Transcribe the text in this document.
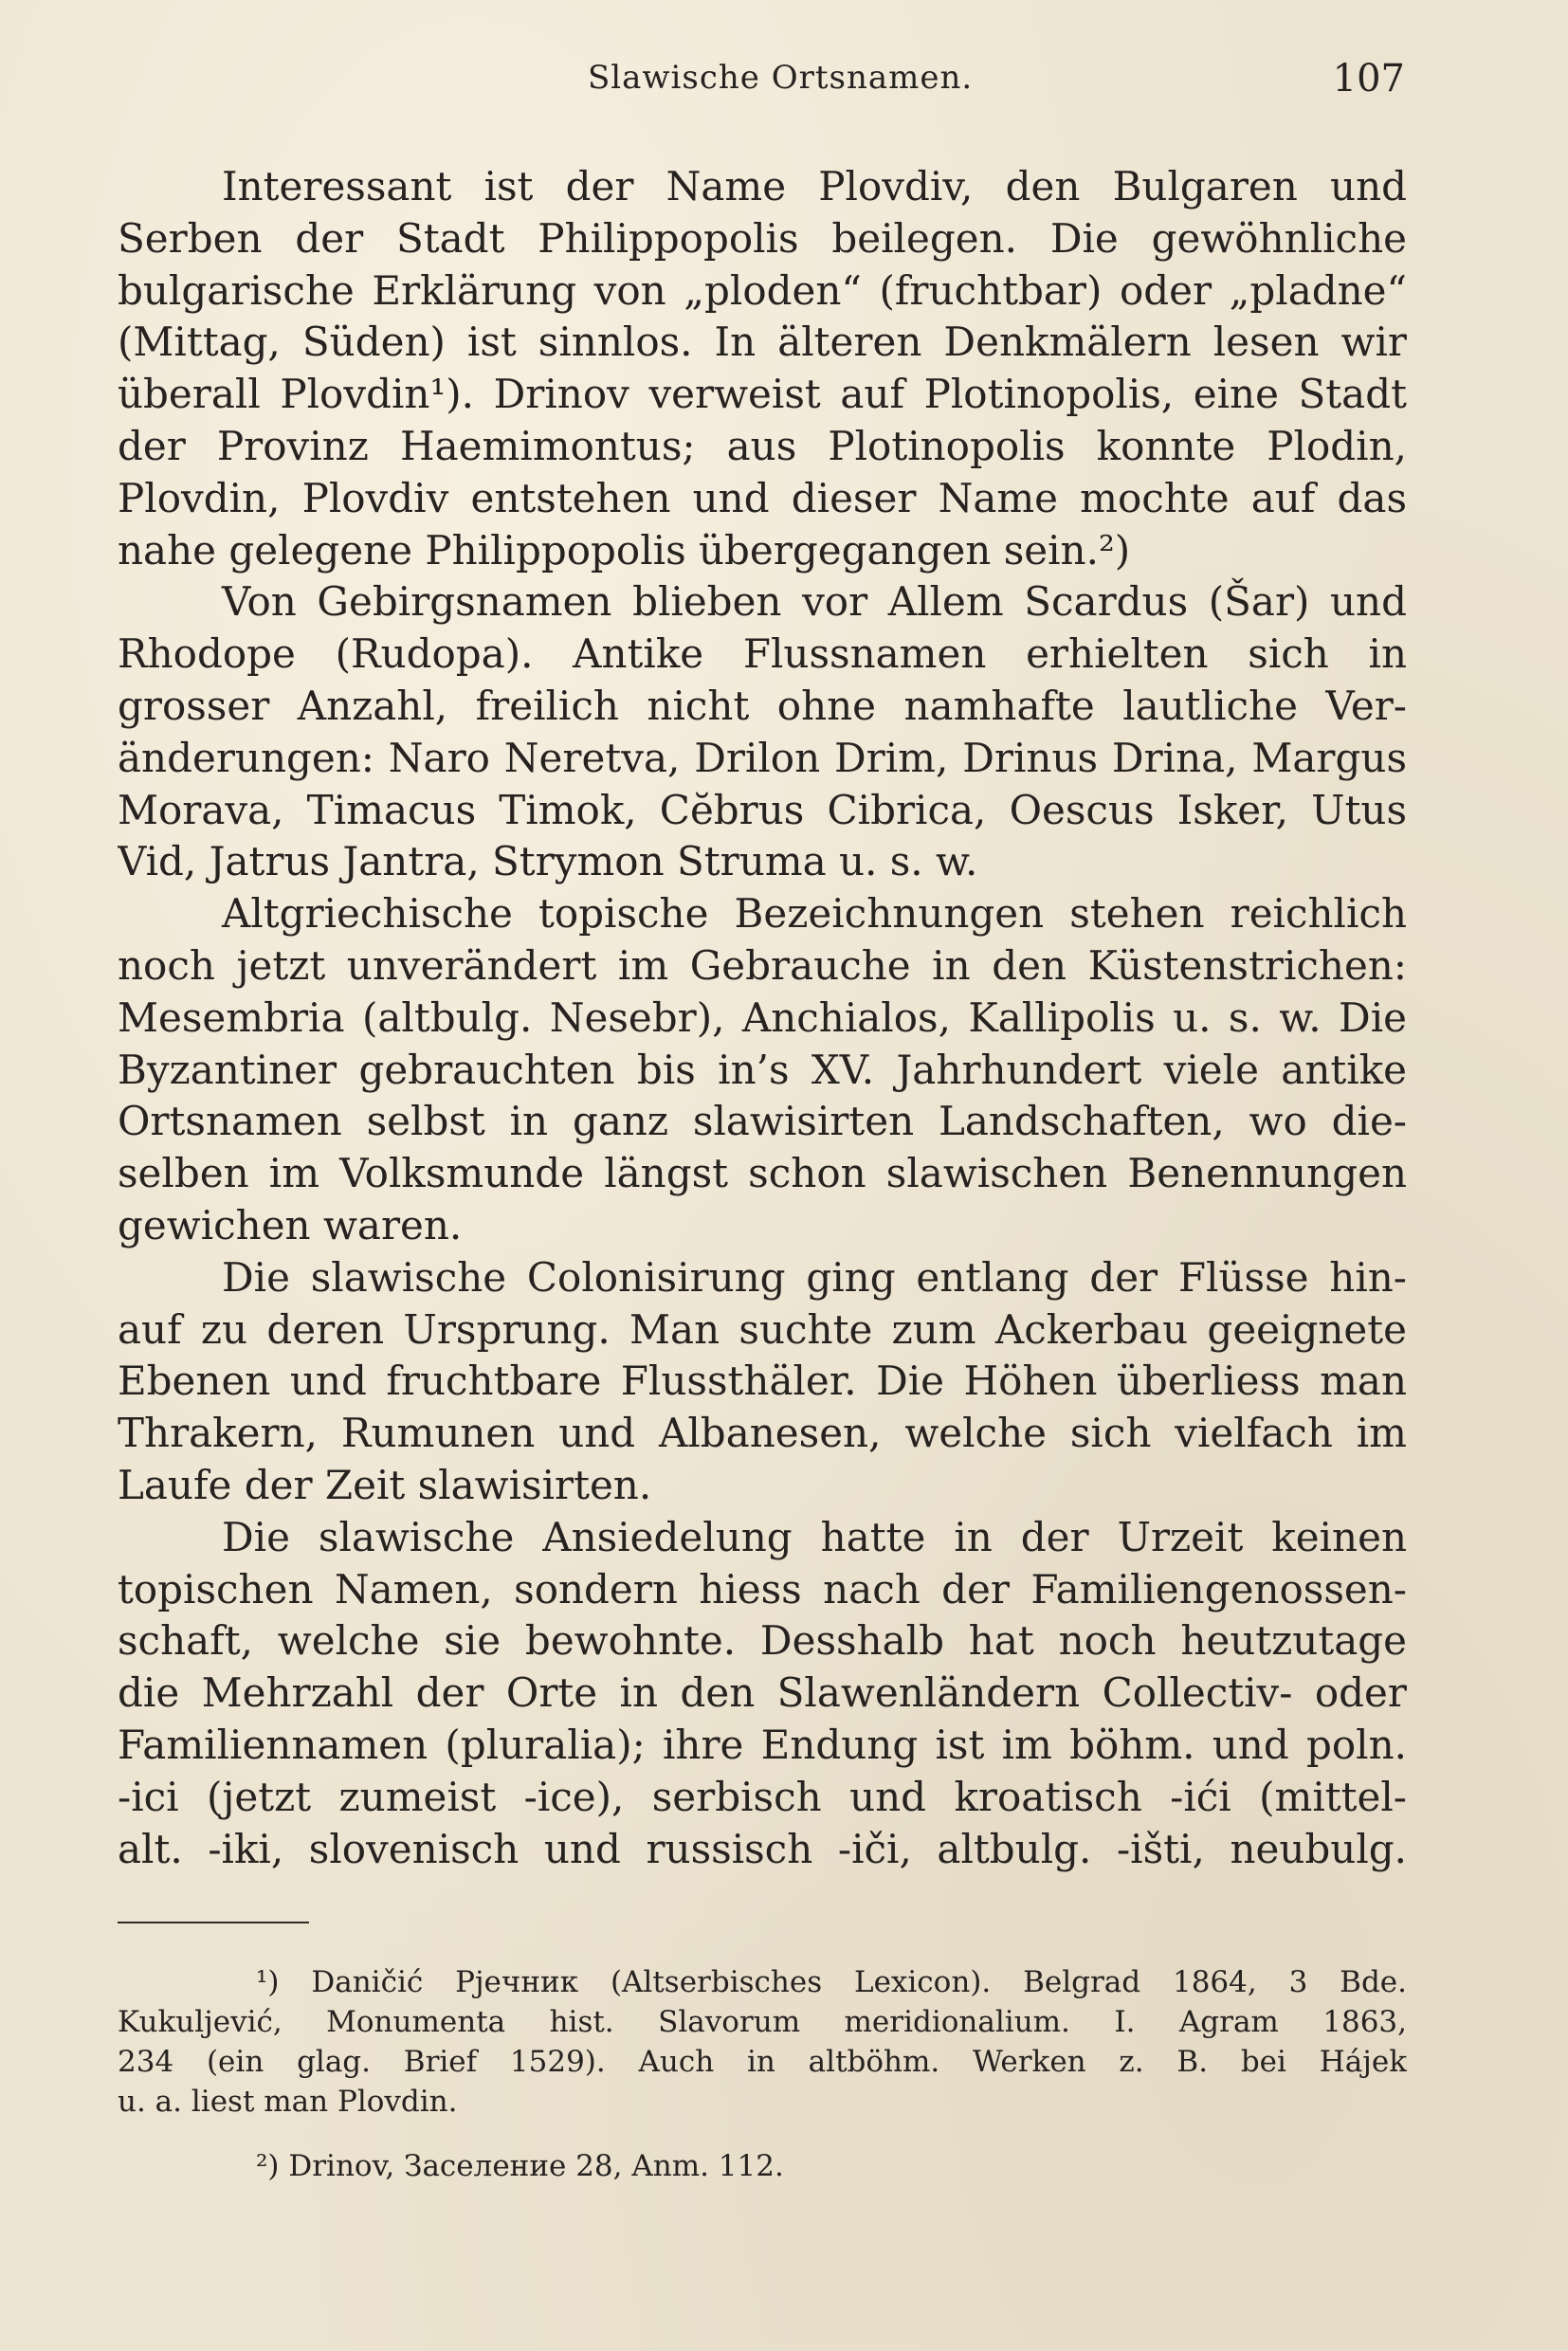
Slawische Ortsnamen.	107
Interessant ist der Name Plovdiv, den Bulgaren und
Serben der Stadt Philippopolis beilegen. Die gewöhnliche
bulgarische Erklärung von „ploden“ (fruchtbar) oder „pladne“
(Mittag, Süden) ist sinnlos. In älteren Denkmälern lesen wir
überall Plovdin¹). Drinov verweist auf Plotinopolis, eine Stadt
der Provinz Haemimontus; aus Plotinopolis konnte Plodin,
Plovdin, Plovdiv entstehen und dieser Name mochte auf das
nahe gelegene Philippopolis übergegangen sein.²)
Von Gebirgsnamen blieben vor Allem Scardus (Šar) und
Rhodope (Rudopa). Antike Flussnamen erhielten sich in
grosser Anzahl, freilich nicht ohne namhafte lautliche Ver-
änderungen: Naro Neretva, Drilon Drim, Drinus Drina, Margus
Morava, Timacus Timok, Cĕbrus Cibrica, Oescus Isker, Utus
Vid, Jatrus Jantra, Strymon Struma u. s. w.
Altgriechische topische Bezeichnungen stehen reichlich
noch jetzt unverändert im Gebrauche in den Küstenstrichen:
Mesembria (altbulg. Nesebr), Anchialos, Kallipolis u. s. w. Die
Byzantiner gebrauchten bis in’s XV. Jahrhundert viele antike
Ortsnamen selbst in ganz slawisirten Landschaften, wo die-
selben im Volksmunde längst schon slawischen Benennungen
gewichen waren.
Die slawische Colonisirung ging entlang der Flüsse hin-
auf zu deren Ursprung. Man suchte zum Ackerbau geeignete
Ebenen und fruchtbare Flussthäler. Die Höhen überliess man
Thrakern, Rumunen und Albanesen, welche sich vielfach im
Laufe der Zeit slawisirten.
Die slawische Ansiedelung hatte in der Urzeit keinen
topischen Namen, sondern hiess nach der Familiengenossen-
schaft, welche sie bewohnte. Desshalb hat noch heutzutage
die Mehrzahl der Orte in den Slawenländern Collectiv- oder
Familiennamen (pluralia); ihre Endung ist im böhm. und poln.
-ici (jetzt zumeist -ice), serbisch und kroatisch -ići (mittel-
alt. -iki, slovenisch und russisch -iči, altbulg. -išti, neubulg.
¹) Daničić Рјечник (Altserbisches Lexicon). Belgrad 1864, 3 Bde.
Kukuljević, Monumenta hist. Slavorum meridionalium. I. Agram 1863,
234 (ein glag. Brief 1529). Auch in altböhm. Werken z. B. bei Hájek
u. a. liest man Plovdin.
²) Drinov, Заселение 28, Anm. 112.
